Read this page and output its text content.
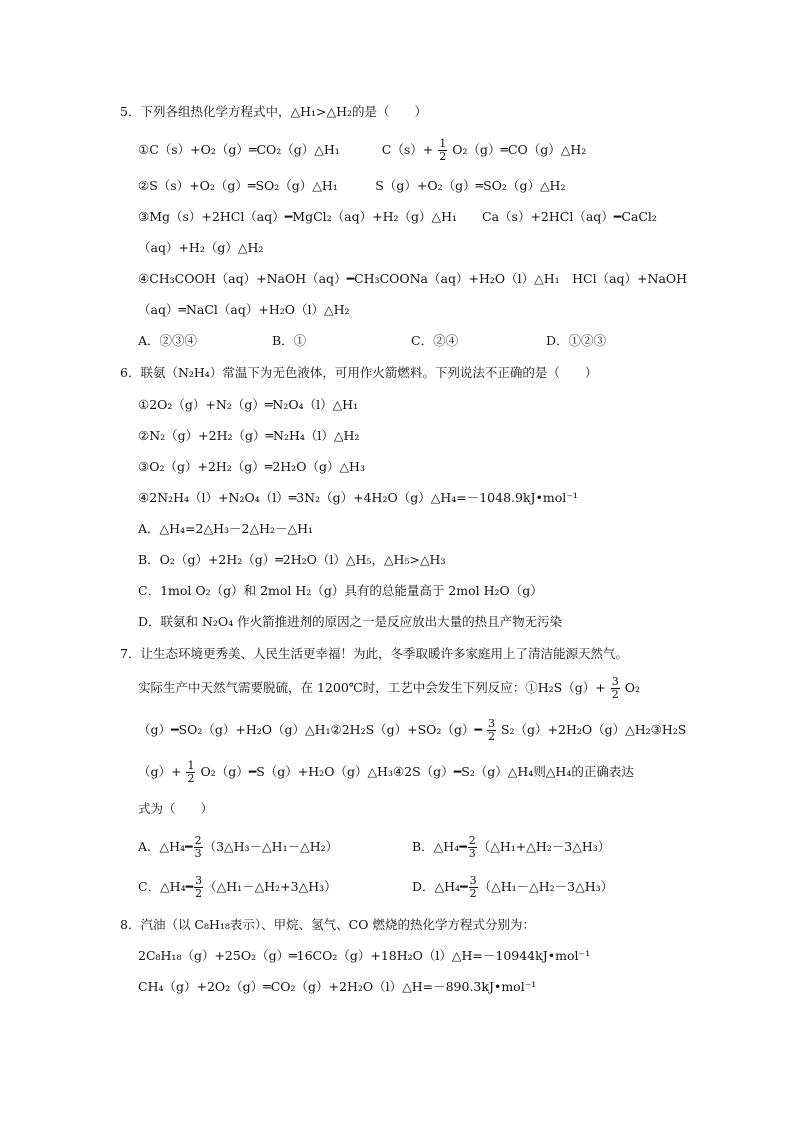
5．下列各组热化学方程式中，△H₁>△H₂的是（　　）
①C（s）+O₂（g）═CO₂（g）△H₁	$C(s)+ \frac{1}{2}$ O₂（g）═CO（g）△H₂
②S（s）+O₂（g）═SO₂（g）△H₁　　　S（g）+O₂（g）═SO₂（g）△H₂
③Mg（s）+2HCl（aq）━MgCl₂（aq）+H₂（g）△H₁　　Ca（s）+2HCl（aq）━CaCl₂
（aq）+H₂（g）△H₂
④CH₃COOH（aq）+NaOH（aq）━CH₃COONa（aq）+H₂O（l）△H₁　HCl（aq）+NaOH
（aq）═NaCl（aq）+H₂O（l）△H₂
A．②③④	B．①	C．②④	D．①②③
6．联氨（N₂H₄）常温下为无色液体，可用作火箭燃料。下列说法不正确的是（　　）
①2O₂（g）+N₂（g）═N₂O₄（l）△H₁
②N₂（g）+2H₂（g）═N₂H₄（l）△H₂
③O₂（g）+2H₂（g）═2H₂O（g）△H₃
④2N₂H₄（l）+N₂O₄（l）═3N₂（g）+4H₂O（g）△H₄=－1048.9kJ•mol⁻¹
A．△H₄=2△H₃－2△H₂－△H₁
B．O₂（g）+2H₂（g）═2H₂O（l）△H₅，△H₅>△H₃
C．1mol O₂（g）和 2mol H₂（g）具有的总能量高于 2mol H₂O（g）
D．联氨和 N₂O₄ 作火箭推进剂的原因之一是反应放出大量的热且产物无污染
7．让生态环境更秀美、人民生活更幸福！为此，冬季取暖许多家庭用上了清洁能源天然气。
实际生产中天然气需要脱硫，在 1200℃时，工艺中会发生下列反应：①H₂S（g）+ $\frac{3}{2} O_2$
（g）━SO₂（g）+H₂O（g）△H₁②2H₂S（g）+SO₂（g）━ $\frac{3}{2}$ S₂（g）+2H₂O（g）△H₂③H₂S
$(g)+ \frac{1}{2}$ O₂（g）━S（g）+H₂O（g）△H₃④2S（g）━S₂（g）△H₄则△H₄的正确表达
式为（　　）
A．△H₄━ $\frac{2}{3}$ （3△H₃－△H₁－△H₂）	B．△H₄━ $\frac{2}{3}$ （△H₁+△H₂－3△H₃）
C．△H₄━ $\frac{3}{2}$ （△H₁－△H₂+3△H₃）	D．△H₄━ $\frac{3}{2}$ （△H₁－△H₂－3△H₃）
8．汽油（以 C₈H₁₈表示）、甲烷、氢气、CO 燃烧的热化学方程式分别为：
2C₈H₁₈（g）+25O₂（g）═16CO₂（g）+18H₂O（l）△H=－10944kJ•mol⁻¹
CH₄（g）+2O₂（g）═CO₂（g）+2H₂O（l）△H=－890.3kJ•mol⁻¹
